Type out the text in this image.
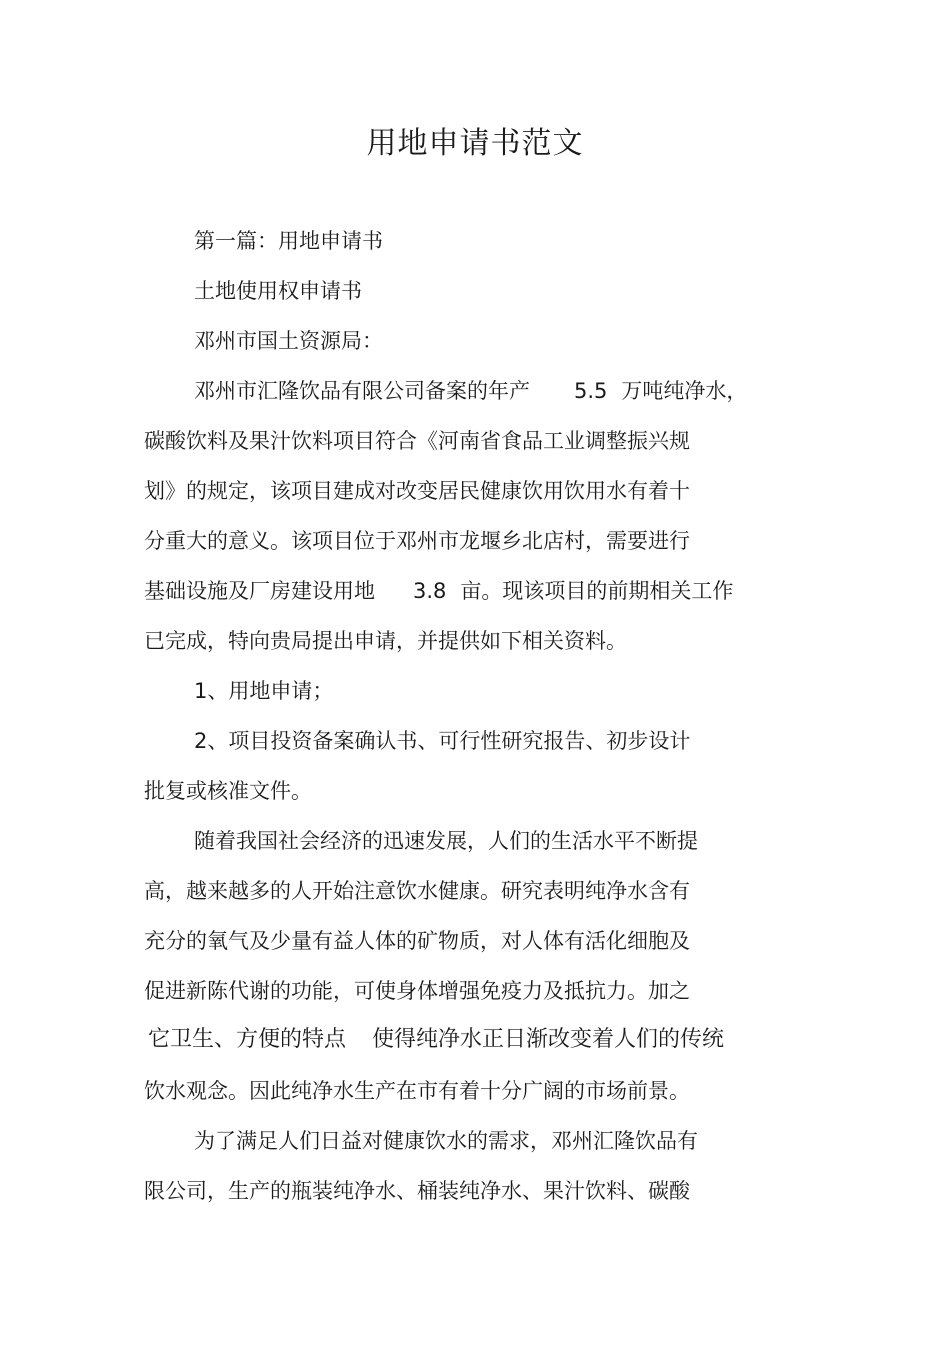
用地申请书范文
第一篇：用地申请书
土地使用权申请书
邓州市国土资源局：
邓州市汇隆饮品有限公司备案的年产 5.5 万吨纯净水，
碳酸饮料及果汁饮料项目符合《河南省食品工业调整振兴规
划》的规定，该项目建成对改变居民健康饮用饮用水有着十
分重大的意义。该项目位于邓州市龙堰乡北店村，需要进行
基础设施及厂房建设用地 3.8 亩。现该项目的前期相关工作
已完成，特向贵局提出申请，并提供如下相关资料。
1、用地申请；
2、项目投资备案确认书、可行性研究报告、初步设计
批复或核准文件。
随着我国社会经济的迅速发展，人们的生活水平不断提
高，越来越多的人开始注意饮水健康。研究表明纯净水含有
充分的氧气及少量有益人体的矿物质，对人体有活化细胞及
促进新陈代谢的功能，可使身体增强免疫力及抵抗力。加之
它卫生、方便的特点 使得纯净水正日渐改变着人们的传统
饮水观念。因此纯净水生产在市有着十分广阔的市场前景。
为了满足人们日益对健康饮水的需求，邓州汇隆饮品有
限公司，生产的瓶装纯净水、桶装纯净水、果汁饮料、碳酸
